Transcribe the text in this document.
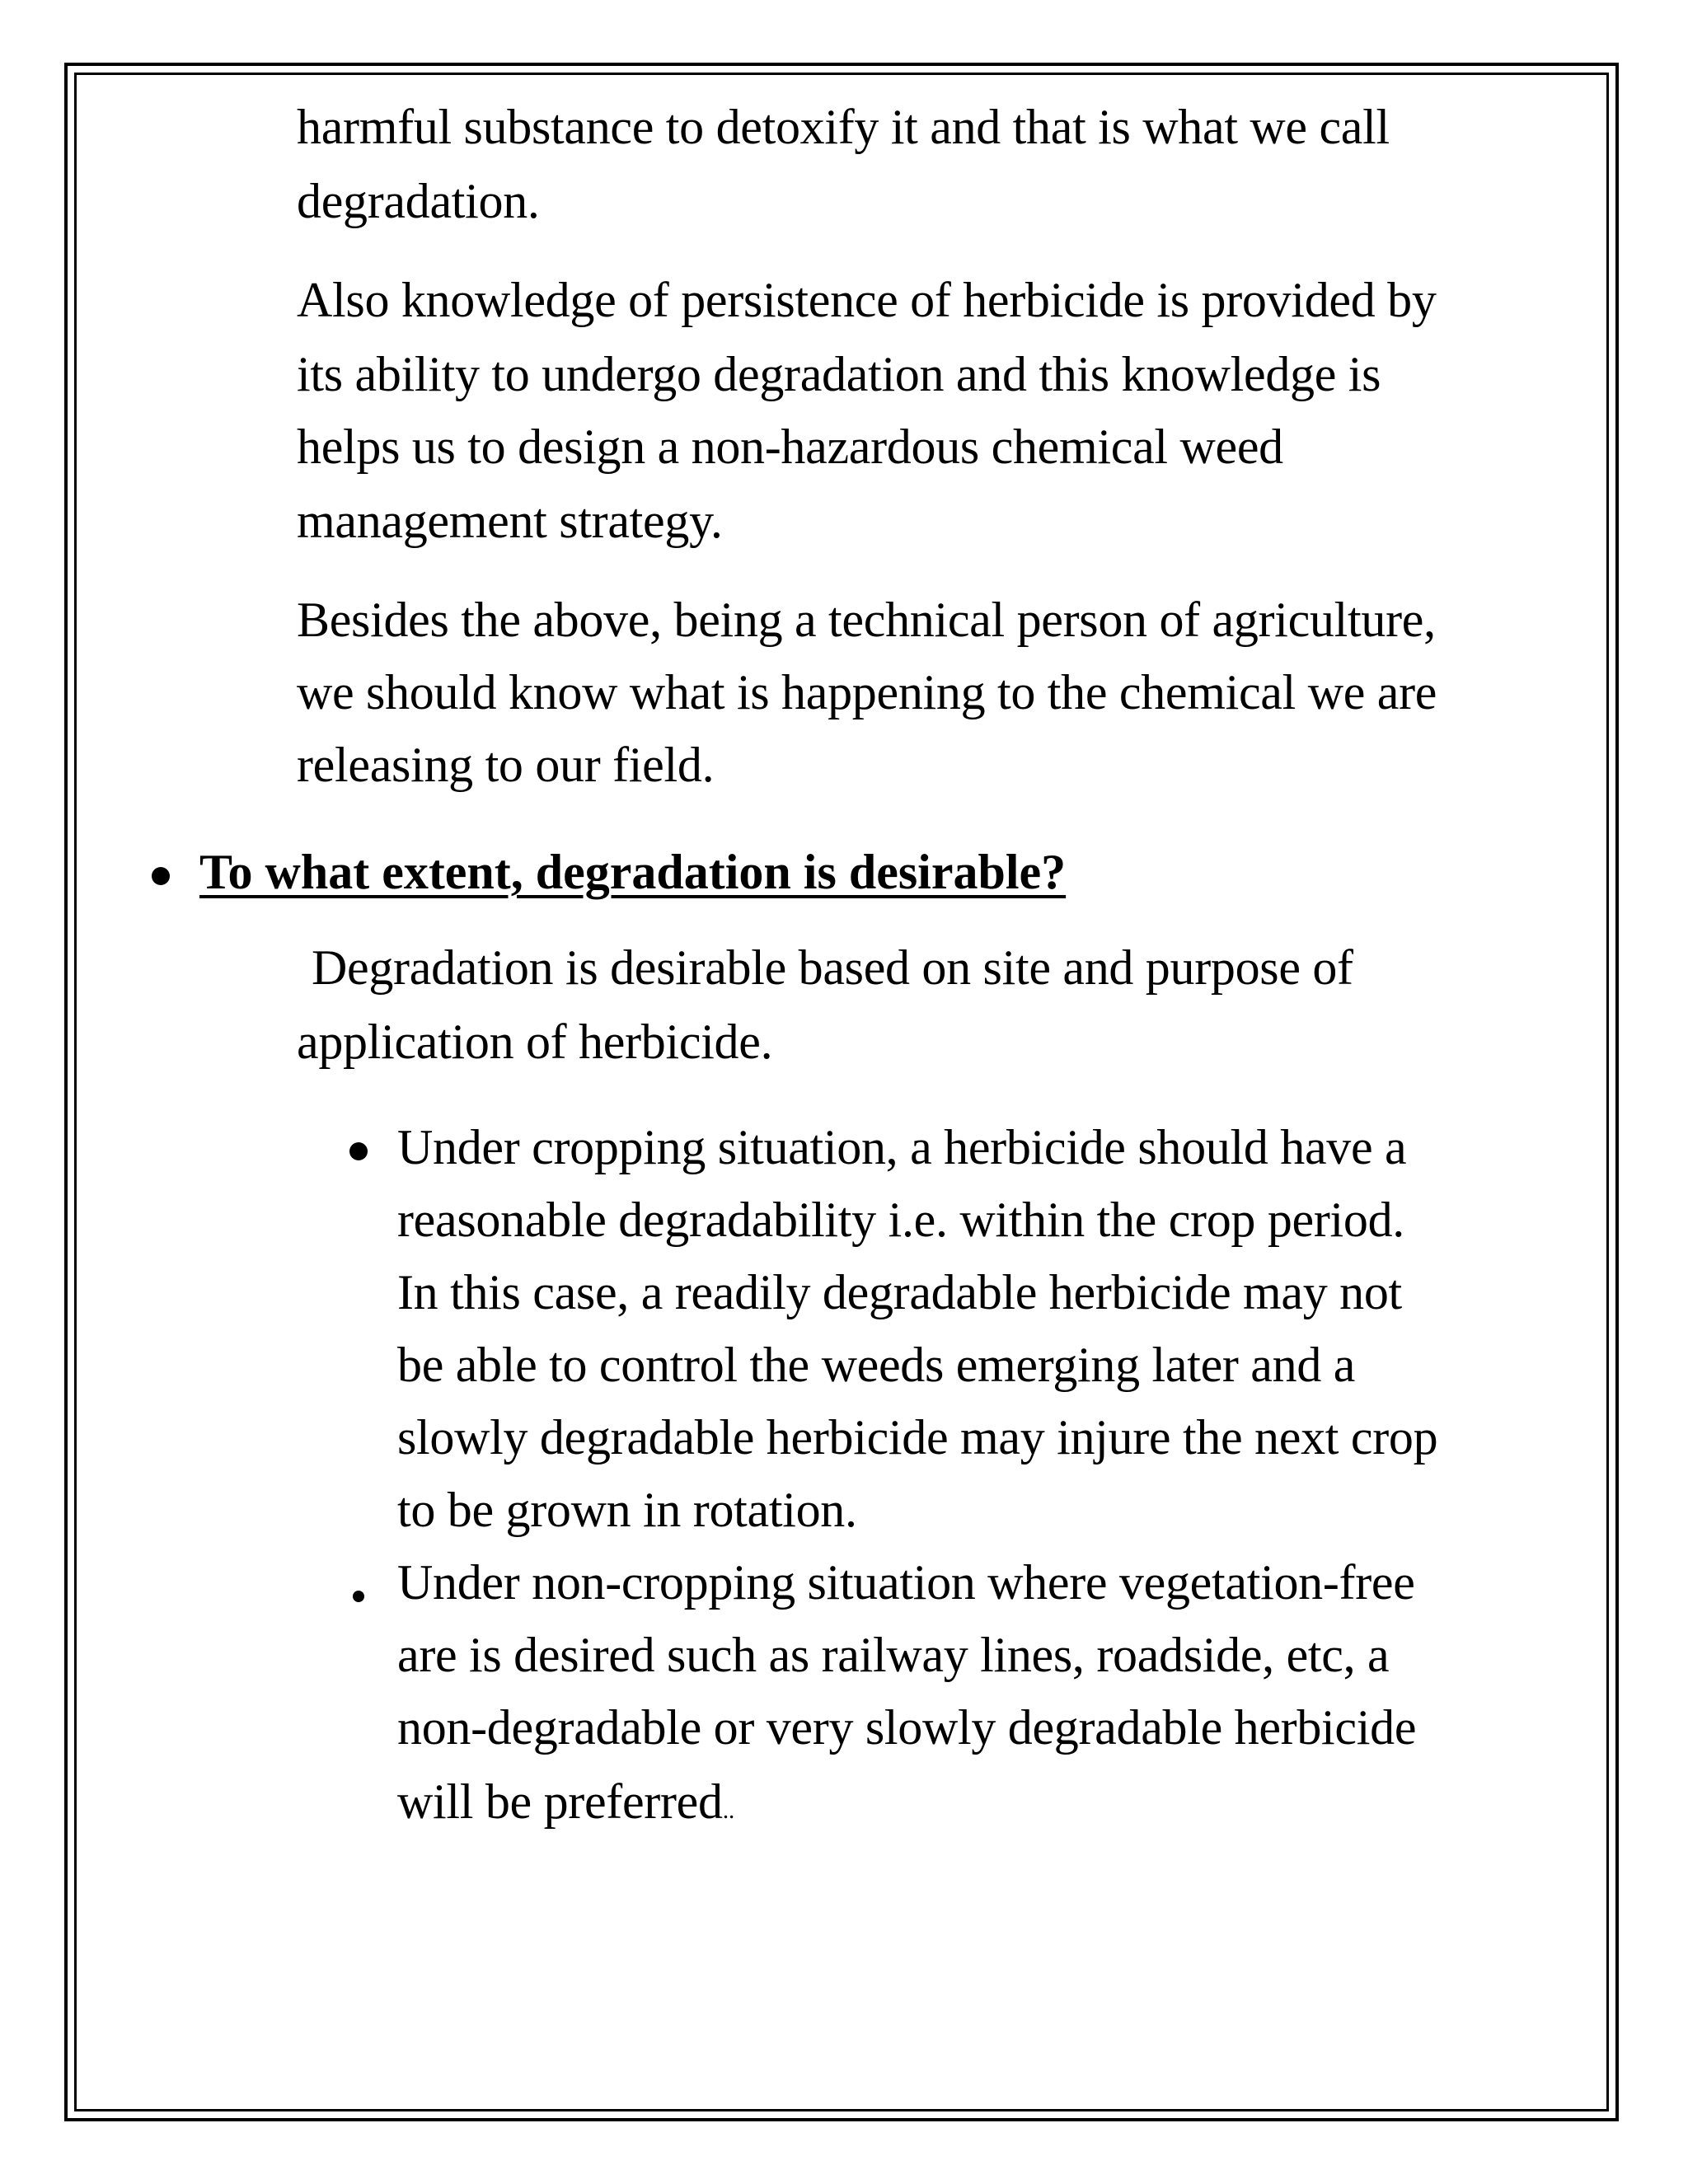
harmful substance to detoxify it and that is what we call
degradation.
Also knowledge of persistence of herbicide is provided by
its ability to undergo degradation and this knowledge is
helps us to design a non-hazardous chemical weed
management strategy.
Besides the above, being a technical person of agriculture,
we should know what is happening to the chemical we are
releasing to our field.
To what extent, degradation is desirable?
Degradation is desirable based on site and purpose of
application of herbicide.
Under cropping situation, a herbicide should have a
reasonable degradability i.e. within the crop period.
In this case, a readily degradable herbicide may not
be able to control the weeds emerging later and a
slowly degradable herbicide may injure the next crop
to be grown in rotation.
Under non-cropping situation where vegetation-free
are is desired such as railway lines, roadside, etc, a
non-degradable or very slowly degradable herbicide
will be preferred..
